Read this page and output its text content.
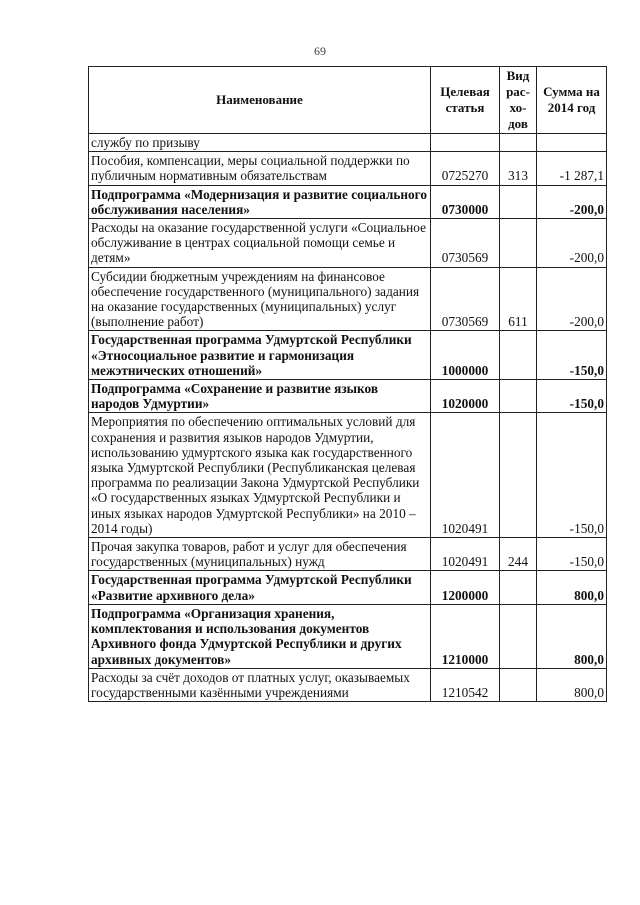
69
Наименование	Целевая статья	Вид рас-хо-дов	Сумма на 2014 год
службу по призыву			
Пособия, компенсации, меры социальной поддержки по публичным нормативным обязательствам	0725270	313	-1 287,1
Подпрограмма «Модернизация и развитие социального обслуживания населения»	0730000		-200,0
Расходы на оказание государственной услуги «Социальное обслуживание в центрах социальной помощи семье и детям»	0730569		-200,0
Субсидии бюджетным учреждениям на финансовое обеспечение государственного (муниципального) задания на оказание государственных (муниципальных) услуг (выполнение работ)	0730569	611	-200,0
Государственная программа Удмуртской Республики «Этносоциальное развитие и гармонизация межэтнических отношений»	1000000		-150,0
Подпрограмма «Сохранение и развитие языков народов Удмуртии»	1020000		-150,0
Мероприятия по обеспечению оптимальных условий для сохранения и развития языков народов Удмуртии, использованию удмуртского языка как государственного языка Удмуртской Республики (Республиканская целевая программа по реализации Закона Удмуртской Республики «О государственных языках Удмуртской Республики и иных языках народов Удмуртской Республики» на 2010 – 2014 годы)	1020491		-150,0
Прочая закупка товаров, работ и услуг для обеспечения государственных (муниципальных) нужд	1020491	244	-150,0
Государственная программа Удмуртской Республики «Развитие архивного дела»	1200000		800,0
Подпрограмма «Организация хранения, комплектования и использования документов Архивного фонда Удмуртской Республики и других архивных документов»	1210000		800,0
Расходы за счёт доходов от платных услуг, оказываемых государственными казёнными учреждениями	1210542		800,0
